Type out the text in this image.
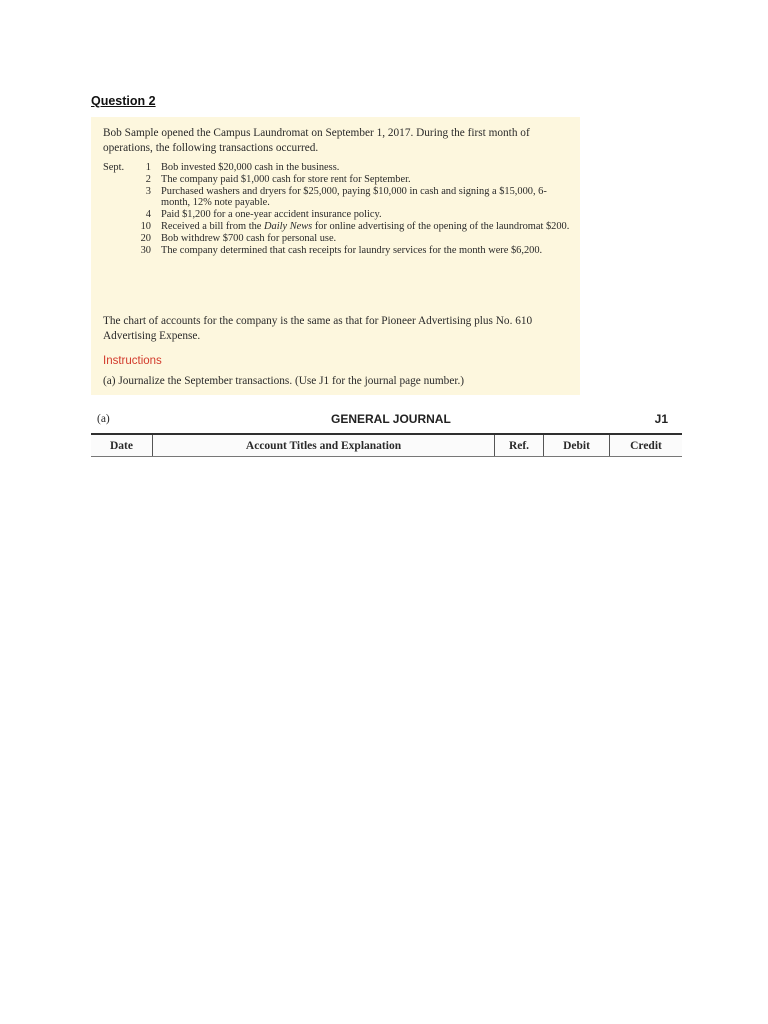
Question 2
Bob Sample opened the Campus Laundromat on September 1, 2017. During the first month of operations, the following transactions occurred.
Sept.	1 Bob invested $20,000 cash in the business.
2 The company paid $1,000 cash for store rent for September.
3 Purchased washers and dryers for $25,000, paying $10,000 in cash and signing a $15,000, 6-month, 12% note payable.
4 Paid $1,200 for a one-year accident insurance policy.
10 Received a bill from the Daily News for online advertising of the opening of the laundromat $200.
20 Bob withdrew $700 cash for personal use.
30 The company determined that cash receipts for laundry services for the month were $6,200.
The chart of accounts for the company is the same as that for Pioneer Advertising plus No. 610 Advertising Expense.
Instructions
(a) Journalize the September transactions. (Use J1 for the journal page number.)
(a)	GENERAL JOURNAL	J1
Date	Account Titles and Explanation	Ref.	Debit	Credit
